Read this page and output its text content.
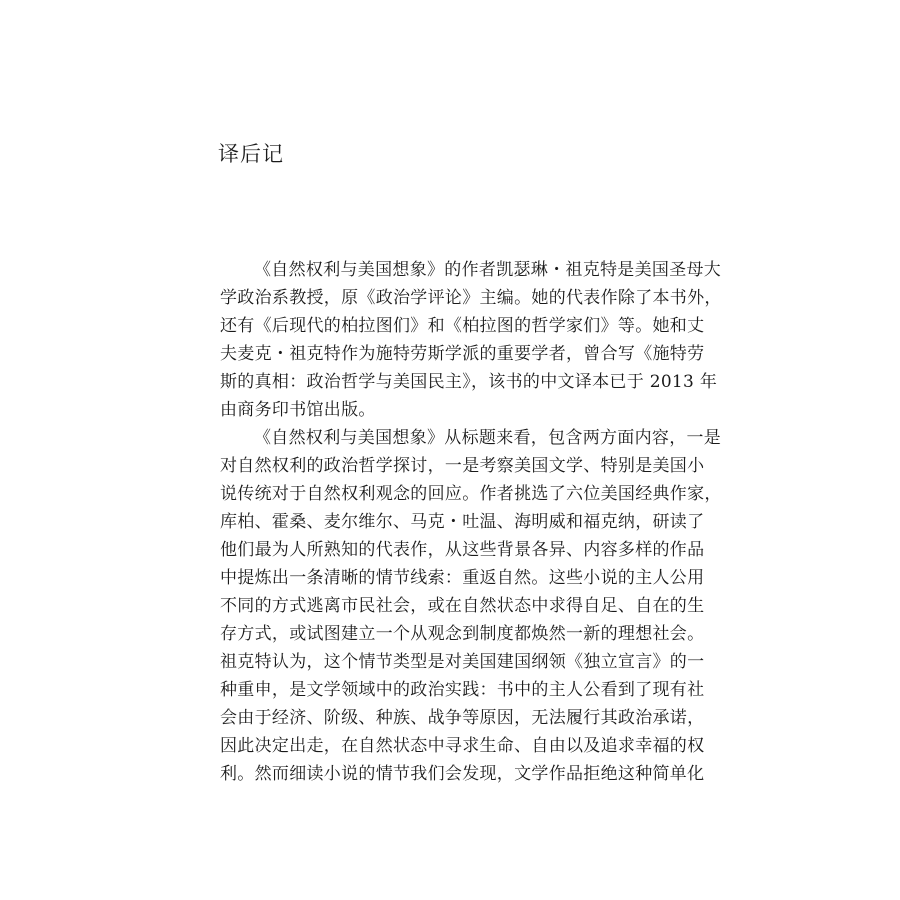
译后记
《自然权利与美国想象》的作者凯瑟琳・祖克特是美国圣母大
学政治系教授，原《政治学评论》主编。她的代表作除了本书外，
还有《后现代的柏拉图们》和《柏拉图的哲学家们》等。她和丈
夫麦克・祖克特作为施特劳斯学派的重要学者，曾合写《施特劳
斯的真相：政治哲学与美国民主》，该书的中文译本已于 2013 年
由商务印书馆出版。
《自然权利与美国想象》从标题来看，包含两方面内容，一是
对自然权利的政治哲学探讨，一是考察美国文学、特别是美国小
说传统对于自然权利观念的回应。作者挑选了六位美国经典作家，
库柏、霍桑、麦尔维尔、马克・吐温、海明威和福克纳，研读了
他们最为人所熟知的代表作，从这些背景各异、内容多样的作品
中提炼出一条清晰的情节线索：重返自然。这些小说的主人公用
不同的方式逃离市民社会，或在自然状态中求得自足、自在的生
存方式，或试图建立一个从观念到制度都焕然一新的理想社会。
祖克特认为，这个情节类型是对美国建国纲领《独立宣言》的一
种重申，是文学领域中的政治实践：书中的主人公看到了现有社
会由于经济、阶级、种族、战争等原因，无法履行其政治承诺，
因此决定出走，在自然状态中寻求生命、自由以及追求幸福的权
利。然而细读小说的情节我们会发现，文学作品拒绝这种简单化
